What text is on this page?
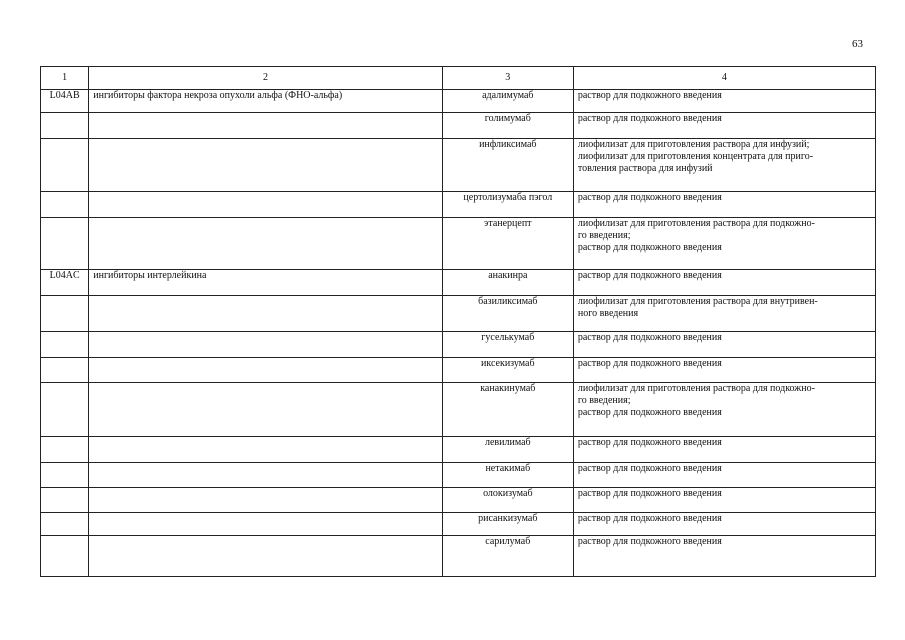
63
1	2	3	4
L04AB	ингибиторы фактора некроза опухоли альфа (ФНО-альфа)	адалимумаб	раствор для подкожного введения

		голимумаб	раствор для подкожного введения

		инфликсимаб	лиофилизат для приготовления раствора для инфузий;
лиофилизат для приготовления концентрата для приго-
товления раствора для инфузий

		цертолизумаба пэгол	раствор для подкожного введения

		этанерцепт	лиофилизат для приготовления раствора для подкожно-
го введения;
раствор для подкожного введения

L04AC	ингибиторы интерлейкина	анакинра	раствор для подкожного введения

		базиликсимаб	лиофилизат для приготовления раствора для внутривен-
ного введения

		гуселькумаб	раствор для подкожного введения

		иксекизумаб	раствор для подкожного введения

		канакинумаб	лиофилизат для приготовления раствора для подкожно-
го введения;
раствор для подкожного введения

		левилимаб	раствор для подкожного введения

		нетакимаб	раствор для подкожного введения

		олокизумаб	раствор для подкожного введения

		рисанкизумаб	раствор для подкожного введения

		сарилумаб	раствор для подкожного введения
